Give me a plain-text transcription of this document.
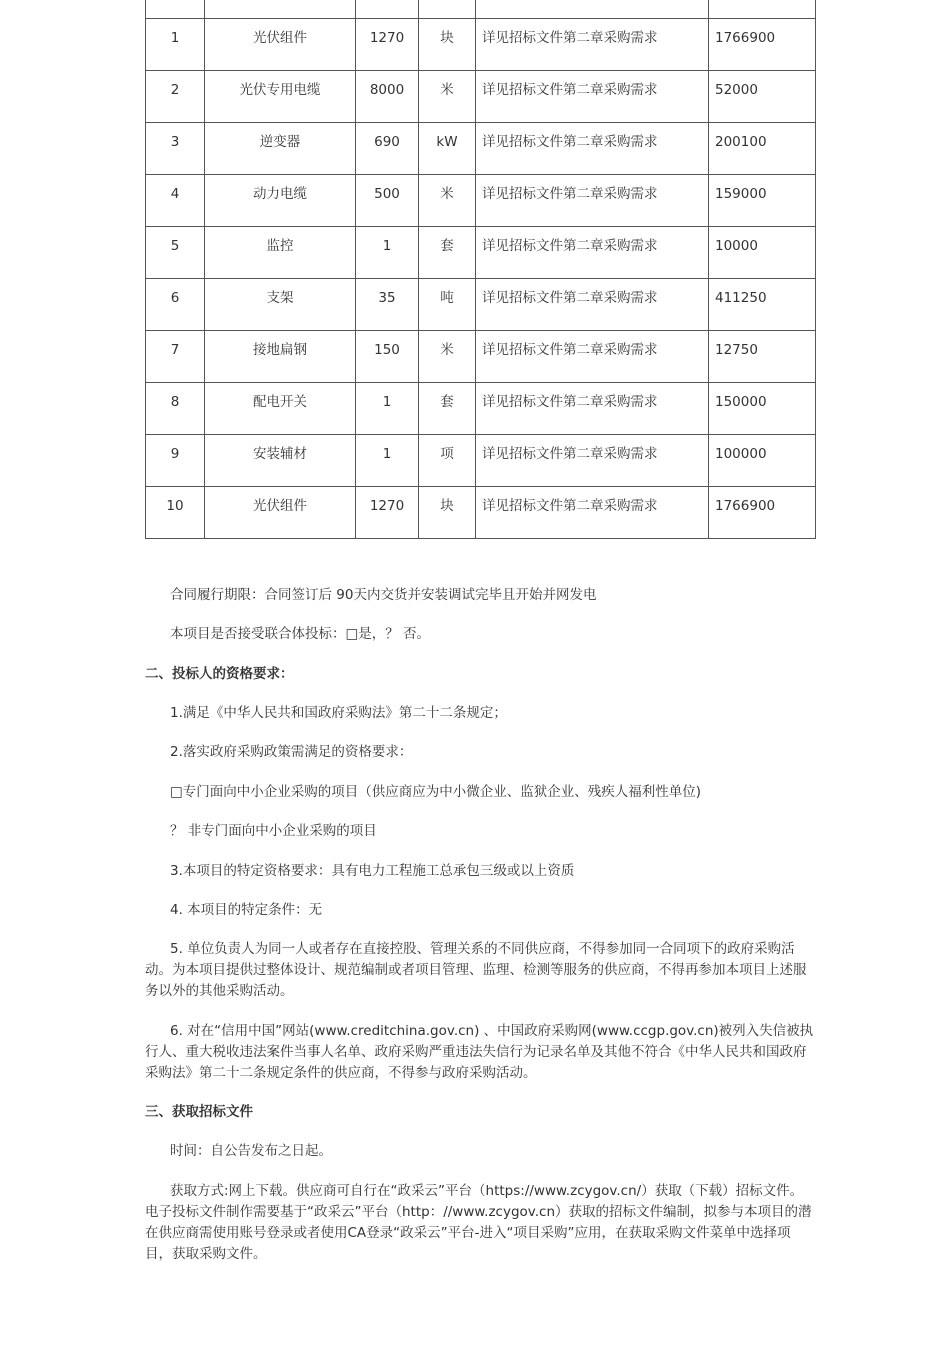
1	光伏组件	1270	块	详见招标文件第二章采购需求	1766900
2	光伏专用电缆	8000	米	详见招标文件第二章采购需求	52000
3	逆变器	690	kW	详见招标文件第二章采购需求	200100
4	动力电缆	500	米	详见招标文件第二章采购需求	159000
5	监控	1	套	详见招标文件第二章采购需求	10000
6	支架	35	吨	详见招标文件第二章采购需求	411250
7	接地扁钢	150	米	详见招标文件第二章采购需求	12750
8	配电开关	1	套	详见招标文件第二章采购需求	150000
9	安装辅材	1	项	详见招标文件第二章采购需求	100000
10	光伏组件	1270	块	详见招标文件第二章采购需求	1766900

合同履行期限：合同签订后 90天内交货并安装调试完毕且开始并网发电

本项目是否接受联合体投标：□是，？ 否。

二、投标人的资格要求：

1.满足《中华人民共和国政府采购法》第二十二条规定；

2.落实政府采购政策需满足的资格要求：

□专门面向中小企业采购的项目（供应商应为中小微企业、监狱企业、残疾人福利性单位)

？ 非专门面向中小企业采购的项目

3.本项目的特定资格要求：具有电力工程施工总承包三级或以上资质

4. 本项目的特定条件：无

5. 单位负责人为同一人或者存在直接控股、管理关系的不同供应商，不得参加同一合同项下的政府采购活动。为本项目提供过整体设计、规范编制或者项目管理、监理、检测等服务的供应商，不得再参加本项目上述服务以外的其他采购活动。

6. 对在“信用中国”网站(www.creditchina.gov.cn) 、中国政府采购网(www.ccgp.gov.cn)被列入失信被执行人、重大税收违法案件当事人名单、政府采购严重违法失信行为记录名单及其他不符合《中华人民共和国政府采购法》第二十二条规定条件的供应商，不得参与政府采购活动。

三、获取招标文件

时间：自公告发布之日起。

获取方式:网上下载。供应商可自行在“政采云”平台（https://www.zcygov.cn/）获取（下载）招标文件。电子投标文件制作需要基于“政采云”平台（http：//www.zcygov.cn）获取的招标文件编制，拟参与本项目的潜在供应商需使用账号登录或者使用CA登录“政采云”平台-进入“项目采购”应用，在获取采购文件菜单中选择项目，获取采购文件。
